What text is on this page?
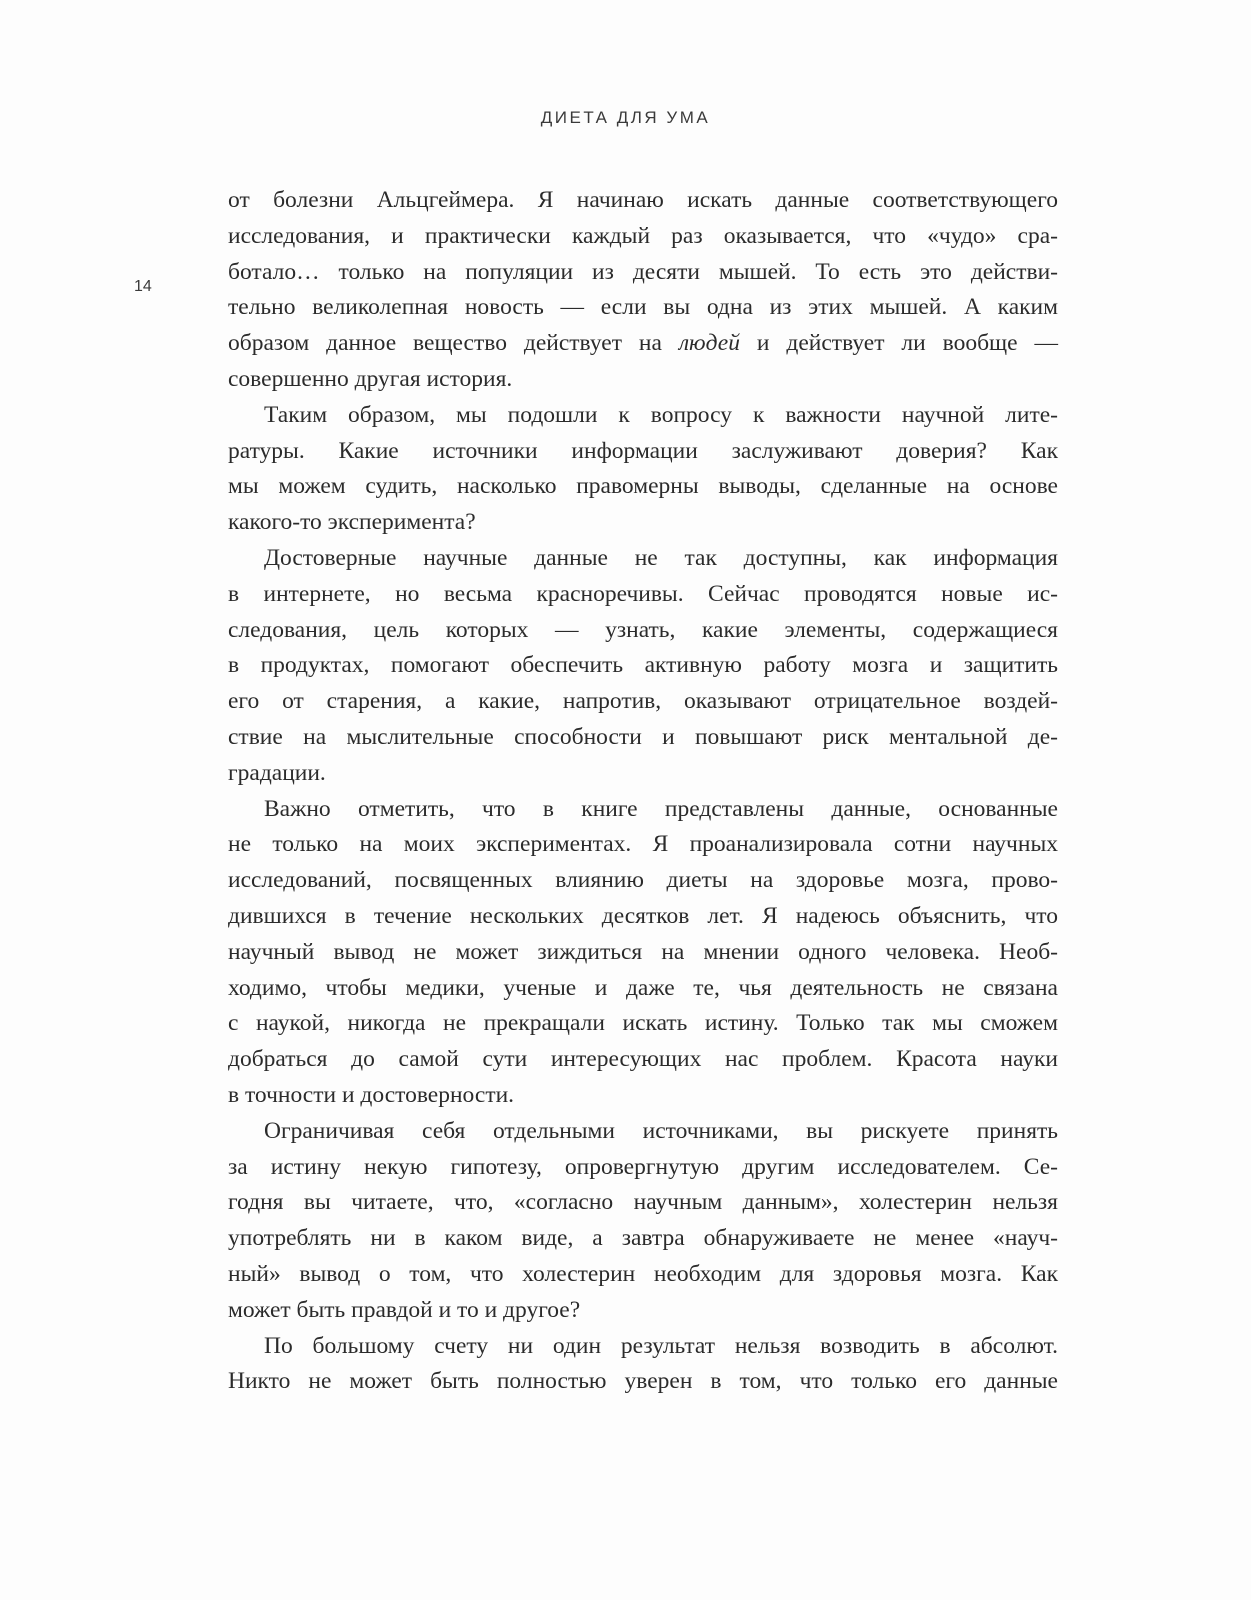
ДИЕТА ДЛЯ УМА
14
от болезни Альцгеймера. Я начинаю искать данные соответствующего
исследования, и практически каждый раз оказывается, что «чудо» сра-
ботало… только на популяции из десяти мышей. То есть это действи-
тельно великолепная новость — если вы одна из этих мышей. А каким
образом данное вещество действует на людей и действует ли вообще —
совершенно другая история.
Таким образом, мы подошли к вопросу к важности научной лите-
ратуры. Какие источники информации заслуживают доверия? Как
мы можем судить, насколько правомерны выводы, сделанные на основе
какого-то эксперимента?
Достоверные научные данные не так доступны, как информация
в интернете, но весьма красноречивы. Сейчас проводятся новые ис-
следования, цель которых — узнать, какие элементы, содержащиеся
в продуктах, помогают обеспечить активную работу мозга и защитить
его от старения, а какие, напротив, оказывают отрицательное воздей-
ствие на мыслительные способности и повышают риск ментальной де-
градации.
Важно отметить, что в книге представлены данные, основанные
не только на моих экспериментах. Я проанализировала сотни научных
исследований, посвященных влиянию диеты на здоровье мозга, прово-
дившихся в течение нескольких десятков лет. Я надеюсь объяснить, что
научный вывод не может зиждиться на мнении одного человека. Необ-
ходимо, чтобы медики, ученые и даже те, чья деятельность не связана
с наукой, никогда не прекращали искать истину. Только так мы сможем
добраться до самой сути интересующих нас проблем. Красота науки
в точности и достоверности.
Ограничивая себя отдельными источниками, вы рискуете принять
за истину некую гипотезу, опровергнутую другим исследователем. Се-
годня вы читаете, что, «согласно научным данным», холестерин нельзя
употреблять ни в каком виде, а завтра обнаруживаете не менее «науч-
ный» вывод о том, что холестерин необходим для здоровья мозга. Как
может быть правдой и то и другое?
По большому счету ни один результат нельзя возводить в абсолют.
Никто не может быть полностью уверен в том, что только его данные
